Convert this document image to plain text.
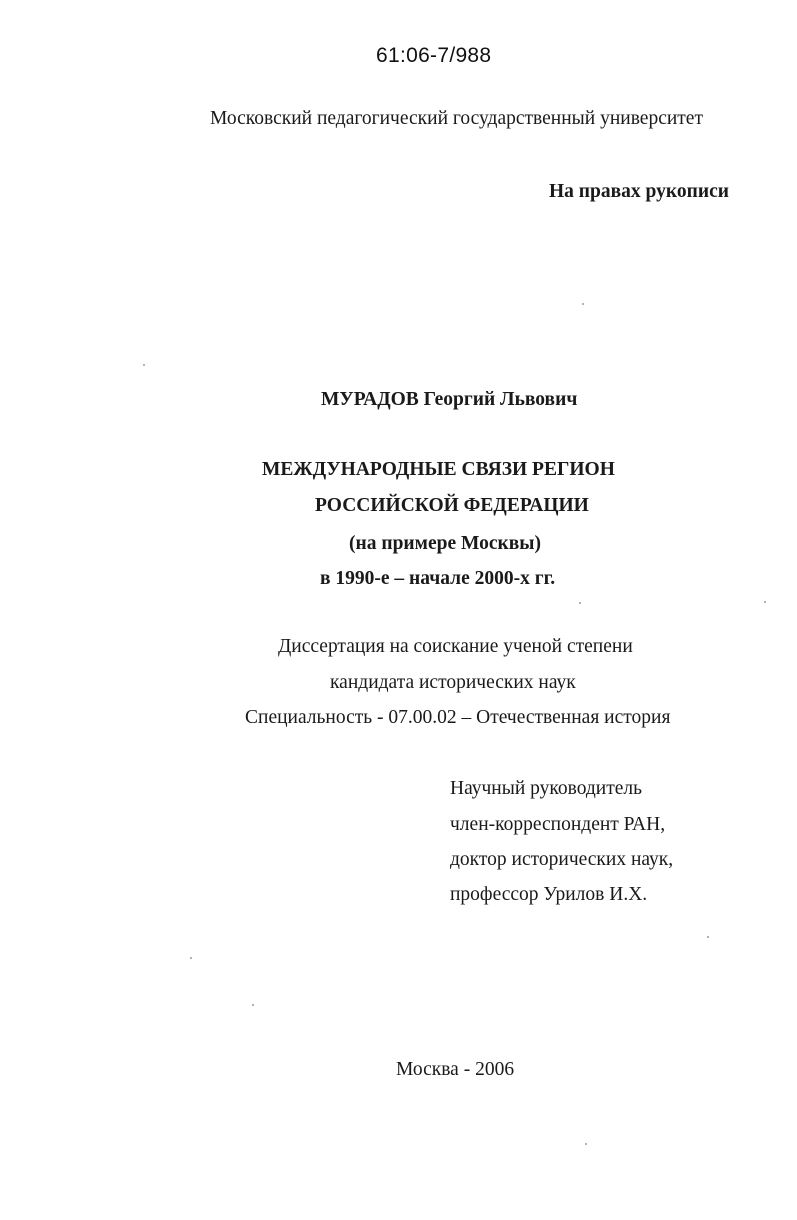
61:06-7/988
Московский педагогический государственный университет
На правах рукописи
МУРАДОВ Георгий Львович
МЕЖДУНАРОДНЫЕ СВЯЗИ РЕГИОН
РОССИЙСКОЙ ФЕДЕРАЦИИ
(на примере Москвы)
в 1990-е – начале 2000-х гг.
Диссертация на соискание ученой степени
кандидата исторических наук
Специальность - 07.00.02 – Отечественная история
Научный руководитель
член-корреспондент РАН,
доктор исторических наук,
профессор Урилов И.Х.
Москва - 2006
